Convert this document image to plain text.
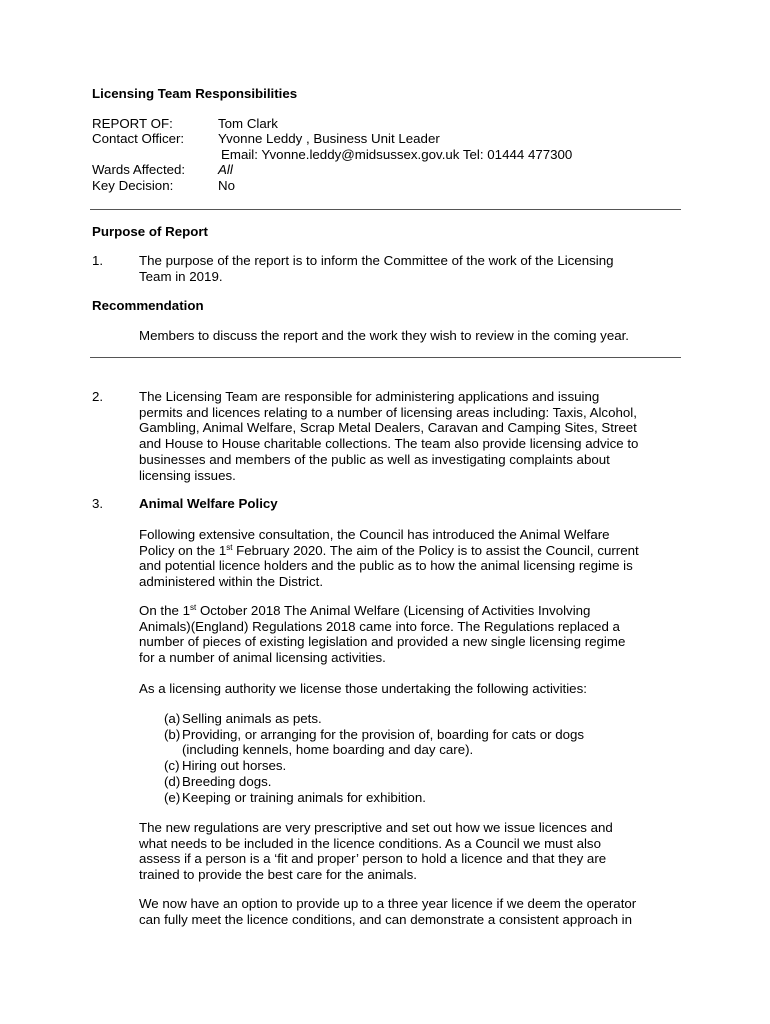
Licensing Team Responsibilities
REPORT OF:	Tom Clark
Contact Officer:	Yvonne Leddy , Business Unit Leader
Email: Yvonne.leddy@midsussex.gov.uk Tel: 01444 477300
Wards Affected: All
Key Decision:	No
Purpose of Report
1.	The purpose of the report is to inform the Committee of the work of the Licensing
Team in 2019.
Recommendation
Members to discuss the report and the work they wish to review in the coming year.
2.	The Licensing Team are responsible for administering applications and issuing
permits and licences relating to a number of licensing areas including: Taxis, Alcohol,
Gambling, Animal Welfare, Scrap Metal Dealers, Caravan and Camping Sites, Street
and House to House charitable collections. The team also provide licensing advice to
businesses and members of the public as well as investigating complaints about
licensing issues.
3.	Animal Welfare Policy
Following extensive consultation, the Council has introduced the Animal Welfare
Policy on the 1st February 2020. The aim of the Policy is to assist the Council, current
and potential licence holders and the public as to how the animal licensing regime is
administered within the District.
On the 1st October 2018 The Animal Welfare (Licensing of Activities Involving
Animals)(England) Regulations 2018 came into force. The Regulations replaced a
number of pieces of existing legislation and provided a new single licensing regime
for a number of animal licensing activities.
As a licensing authority we license those undertaking the following activities:
(a) Selling animals as pets.
(b) Providing, or arranging for the provision of, boarding for cats or dogs
(including kennels, home boarding and day care).
(c) Hiring out horses.
(d) Breeding dogs.
(e) Keeping or training animals for exhibition.
The new regulations are very prescriptive and set out how we issue licences and
what needs to be included in the licence conditions. As a Council we must also
assess if a person is a ‘fit and proper’ person to hold a licence and that they are
trained to provide the best care for the animals.
We now have an option to provide up to a three year licence if we deem the operator
can fully meet the licence conditions, and can demonstrate a consistent approach in
